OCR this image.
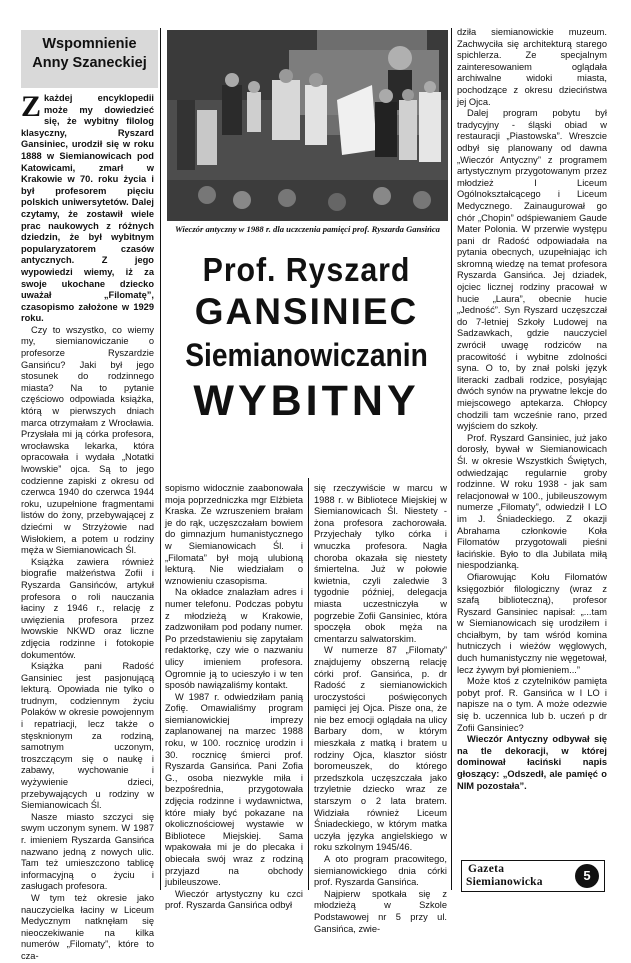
Wspomnienie
Anny Szaneckiej
Wieczór antyczny w 1988 r. dla uczczenia pamięci prof. Ryszarda Gansińca
Prof. Ryszard
GANSINIEC
Siemianowiczanin
WYBITNY

Zkażdej encyklopedii może my dowiedzieć się, że wybitny filolog klasyczny, Ryszard Gansiniec, urodził się w roku 1888 w Siemianowicach pod Katowicami, zmarł w Krakowie w 70. roku życia i był profesorem pięciu polskich uniwersytetów. Dalej czytamy, że zostawił wiele prac naukowych z różnych dziedzin, że był wybitnym popularyzatorem czasów antycznych. Z jego wypowiedzi wiemy, iż za swoje ukochane dziecko uważał „Filomatę”, czasopismo założone w 1929 roku.

Czy to wszystko, co wiemy my, siemianowiczanie o profesorze Ryszardzie Gansińcu? Jaki był jego stosunek do rodzinnego miasta? Na to pytanie częściowo odpowiada książka, którą w pierwszych dniach marca otrzymałam z Wrocławia. Przysłała mi ją córka profesora, wrocławska lekarka, która opracowała i wydała „Notatki lwowskie” ojca. Są to jego codzienne zapiski z okresu od czerwca 1940 do czerwca 1944 roku, uzupełnione fragmentami listów do żony, przebywającej z dziećmi w Strzyżowie nad Wisłokiem, a potem u rodziny męża w Siemianowicach Śl.

Książka zawiera również biografie małżeństwa Zofii i Ryszarda Gansińców, artykuł profesora o roli nauczania łaciny z 1946 r., relację z uwięzienia profesora przez lwowskie NKWD oraz liczne zdjęcia rodzinne i fotokopie dokumentów.

Książka pani Radość Gansiniec jest pasjonującą lekturą. Opowiada nie tylko o trudnym, codziennym życiu Polaków w okresie powojennym i repatriacji, lecz także o stęsknionym za rodziną, samotnym uczonym, troszczącym się o naukę i zabawy, wychowanie i wyżywienie dzieci, przebywających u rodziny w Siemianowicach Śl.

Nasze miasto szczyci się swym uczonym synem. W 1987 r. imieniem Ryszarda Gansińca nazwano jedną z nowych ulic. Tam też umieszczono tablicę informacyjną o życiu i zasługach profesora.

W tym też okresie jako nauczycielka łaciny w Liceum Medycznym natknęłam się nieoczekiwanie na kilka numerów „Filomaty”, które to cza-

sopismo widocznie zaabonowała moja poprzedniczka mgr Elżbieta Kraska. Ze wzruszeniem brałam je do rąk, uczęszczałam bowiem do gimnazjum humanistycznego w Siemianowicach Śl. i „Filomata” był moją ulubioną lekturą. Nie wiedziałam o wznowieniu czasopisma.

Na okładce znalazłam adres i numer telefonu. Podczas pobytu z młodzieżą w Krakowie, zadzwoniłam pod podany numer. Po przedstawieniu się zapytałam redaktorkę, czy wie o nazwaniu ulicy imieniem profesora. Ogromnie ją to ucieszyło i w ten sposób nawiązaliśmy kontakt.

W 1987 r. odwiedziłam panią Zofię. Omawialiśmy program siemianowickiej imprezy zaplanowanej na marzec 1988 roku, w 100. rocznicę urodzin i 30. rocznicę śmierci prof. Ryszarda Gansińca. Pani Zofia G., osoba niezwykle miła i bezpośrednia, przygotowała zdjęcia rodzinne i wydawnictwa, które miały być pokazane na okolicznościowej wystawie w Bibliotece Miejskiej. Sama wpakowała mi je do plecaka i obiecała swój wraz z rodziną przyjazd na obchody jubileuszowe.

Wieczór artystyczny ku czci prof. Ryszarda Gansińca odbył

się rzeczywiście w marcu w 1988 r. w Bibliotece Miejskiej w Siemianowicach Śl. Niestety - żona profesora zachorowała. Przyjechały tylko córka i wnuczka profesora. Nagła choroba okazała się niestety śmiertelna. Już w połowie kwietnia, czyli zaledwie 3 tygodnie później, delegacja miasta uczestniczyła w pogrzebie Zofii Gansiniec, która spoczęła obok męża na cmentarzu salwatorskim.

W numerze 87 „Filomaty” znajdujemy obszerną relację córki prof. Gansińca, p. dr Radość z siemianowickich uroczystości poświęconych pamięci jej Ojca. Pisze ona, że nie bez emocji oglądała na ulicy Barbary dom, w którym mieszkała z matką i bratem u rodziny Ojca, klasztor sióstr boromeuszek, do którego przedszkola uczęszczała jako trzyletnie dziecko wraz ze starszym o 2 lata bratem. Widziała również Liceum Śniadeckiego, w którym matka uczyła języka angielskiego w roku szkolnym 1945/46.

A oto program pracowitego, siemianowickiego dnia córki prof. Ryszarda Gansińca.

Najpierw spotkała się z młodzieżą w Szkole Podstawowej nr 5 przy ul. Gansińca, zwie-

dziła siemianowickie muzeum. Zachwyciła się architekturą starego spichlerza. Ze specjalnym zainteresowaniem oglądała archiwalne widoki miasta, pochodzące z okresu dzieciństwa jej Ojca.

Dalej program pobytu był tradycyjny - śląski obiad w restauracji „Piastowska”. Wreszcie odbył się planowany od dawna „Wieczór Antyczny” z programem artystycznym przygotowanym przez młodzież I Liceum Ogólnokształcącego i Liceum Medycznego. Zainaugurował go chór „Chopin” odśpiewaniem Gaude Mater Polonia. W przerwie występu pani dr Radość odpowiadała na pytania obecnych, uzupełniając ich skromną wiedzę na temat profesora Ryszarda Gansińca. Jej dziadek, ojciec licznej rodziny pracował w hucie „Laura”, obecnie hucie „Jedność”. Syn Ryszard uczęszczał do 7-letniej Szkoły Ludowej na Sadzawkach, gdzie nauczyciel zwrócił uwagę rodziców na pracowitość i wybitne zdolności syna. O to, by znał polski język literacki zadbali rodzice, posyłając dwóch synów na prywatne lekcje do miejscowego aptekarza. Chłopcy chodzili tam wcześnie rano, przed wyjściem do szkoły.

Prof. Ryszard Gansiniec, już jako dorosły, bywał w Siemianowicach Śl. w okresie Wszystkich Świętych, odwiedzając regularnie groby rodzinne. W roku 1938 - jak sam relacjonował w 100., jubileuszowym numerze „Filomaty”, odwiedził I LO im J. Śniadeckiego. Z okazji Abrahama członkowie Koła Filomatów przygotowali pieśni łacińskie. Było to dla Jubilata miłą niespodzianką.

Ofiarowując Kołu Filomatów księgozbiór filologiczny (wraz z szafą biblioteczną), profesor Ryszard Gansiniec napisał: „...tam w Siemianowicach się urodziłem i chciałbym, by tam wśród komina hutniczych i wieżów węglowych, duch humanistyczny nie węgetował, lecz żywym był płomieniem...”

Może ktoś z czytelników pamięta pobyt prof. R. Gansińca w I LO i napisze na o tym. A może odezwie się b. uczennica lub b. uczeń p dr Zofii Gansiniec?

Wieczór Antyczny odbywał się na tle dekoracji, w której dominował łaciński napis głoszący: „Odszedł, ale pamięć o NIM pozostała”.

Gazeta
Siemianowicka	5
